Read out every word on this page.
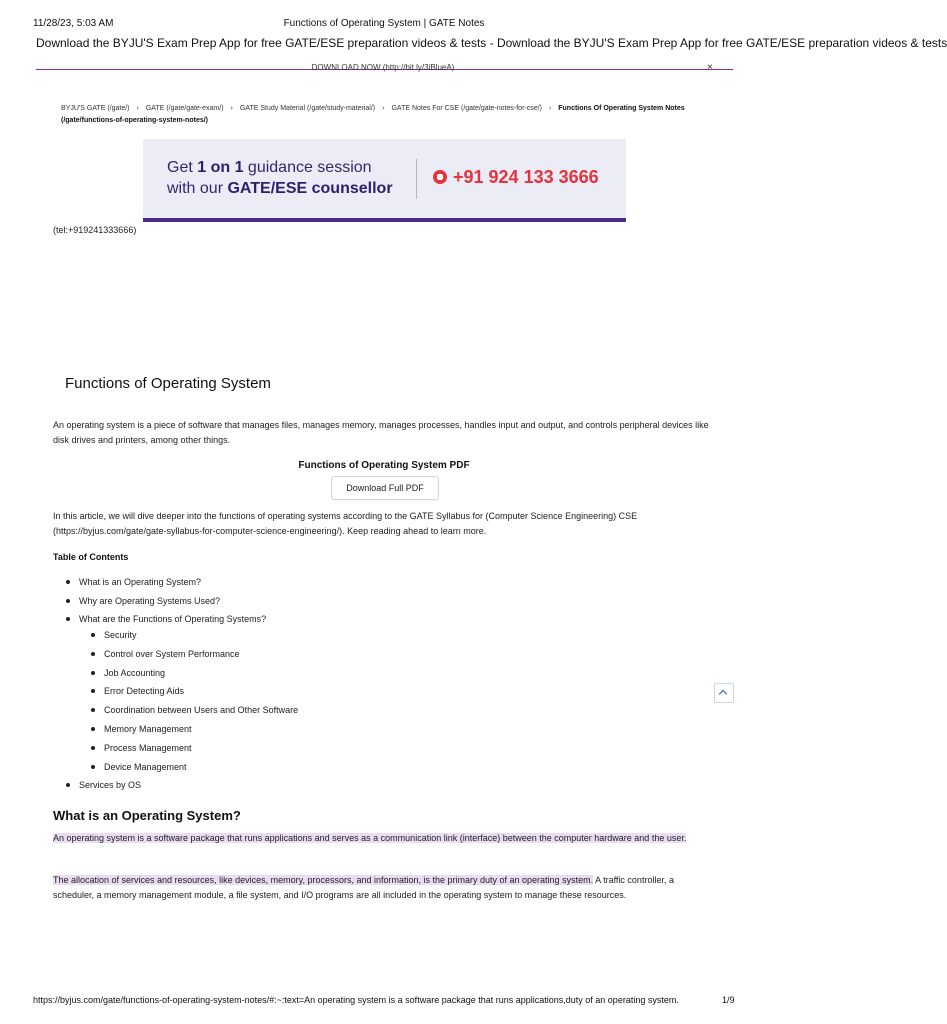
11/28/23, 5:03 AM	Functions of Operating System | GATE Notes
Download the BYJU'S Exam Prep App for free GATE/ESE preparation videos & tests - Download the BYJU'S Exam Prep App for free GATE/ESE preparation videos & tests
DOWNLOAD NOW (http://bit.ly/3iBlueA)	×
BYJU'S GATE (/gate/) › GATE (/gate/gate-exam/) › GATE Study Material (/gate/study-material/) › GATE Notes For CSE (/gate/gate-notes-for-cse/) › Functions Of Operating System Notes (/gate/functions-of-operating-system-notes/)
Get 1 on 1 guidance session
with our GATE/ESE counsellor
+91 924 133 3666
(tel:+919241333666)
Functions of Operating System

An operating system is a piece of software that manages files, manages memory, manages processes, handles input and output, and controls peripheral devices like disk drives and printers, among other things.

Functions of Operating System PDF
Download Full PDF

In this article, we will dive deeper into the functions of operating systems according to the GATE Syllabus for (Computer Science Engineering) CSE (https://byjus.com/gate/gate-syllabus-for-computer-science-engineering/). Keep reading ahead to learn more.

Table of Contents
What is an Operating System?
Why are Operating Systems Used?
What are the Functions of Operating Systems?
Security
Control over System Performance
Job Accounting
Error Detecting Aids
Coordination between Users and Other Software
Memory Management
Process Management
Device Management
Services by OS
What is an Operating System?

An operating system is a software package that runs applications and serves as a communication link (interface) between the computer hardware and the user.

The allocation of services and resources, like devices, memory, processors, and information, is the primary duty of an operating system. A traffic controller, a scheduler, a memory management module, a file system, and I/O programs are all included in the operating system to manage these resources.

https://byjus.com/gate/functions-of-operating-system-notes/#:~:text=An operating system is a software package that runs applications,duty of an operating system.	1/9
